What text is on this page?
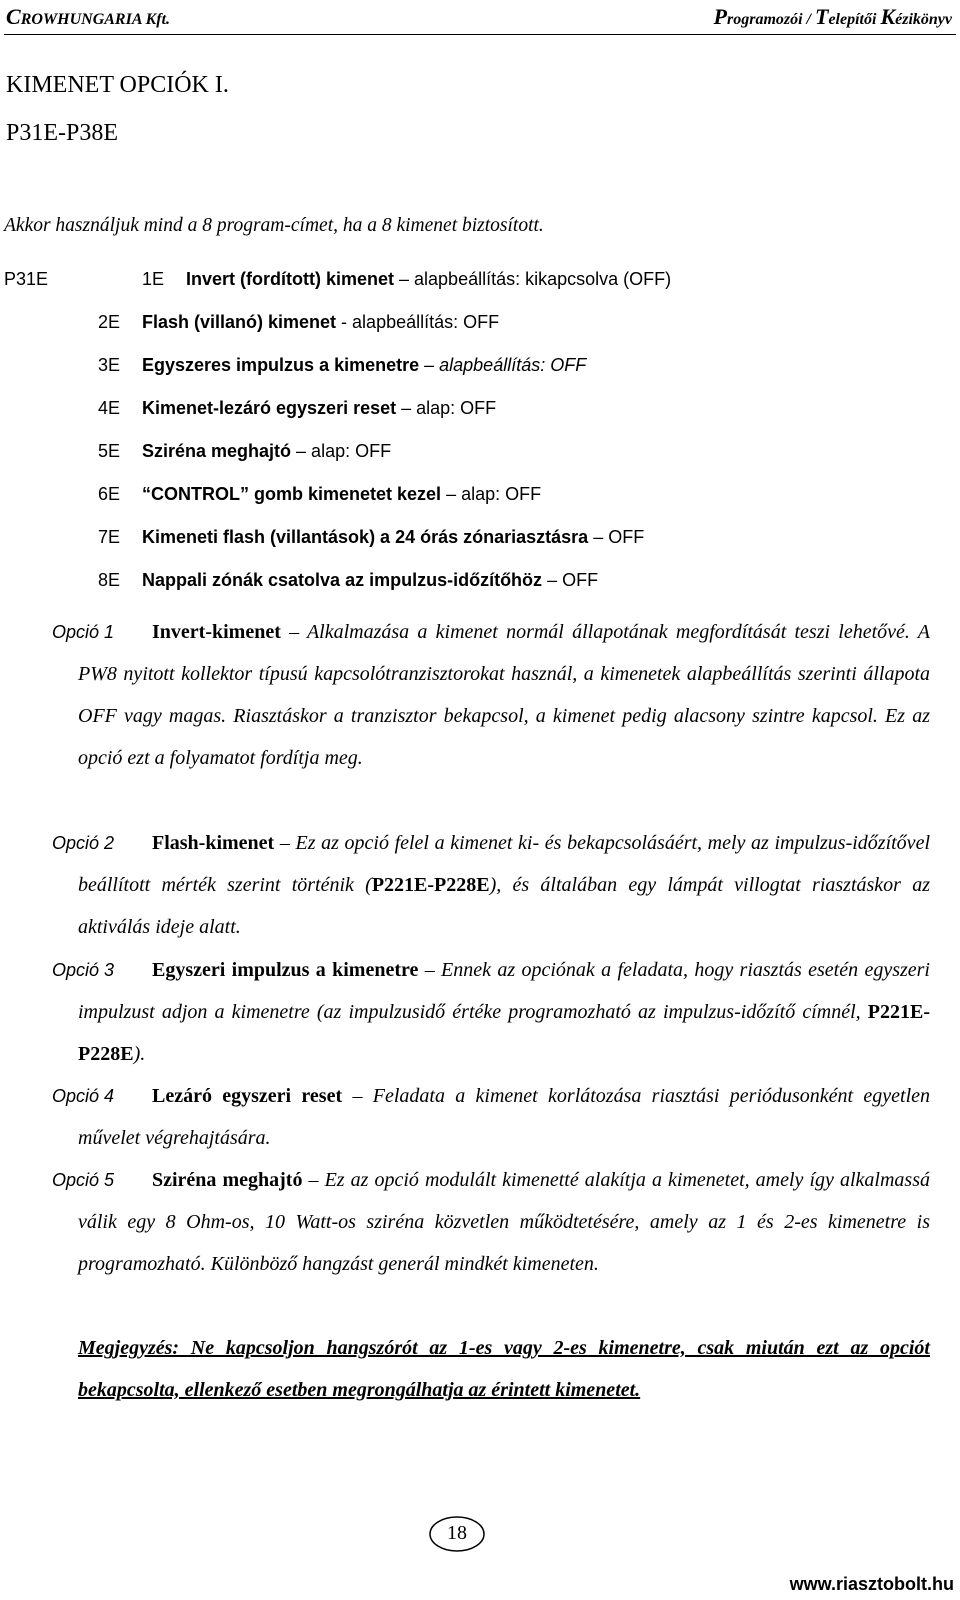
CROWHUNGARIA Kft.	Programozói / Telepítői Kézikönyv
KIMENET OPCIÓK I.
P31E-P38E
Akkor használjuk mind a 8 program-címet, ha a 8 kimenet biztosított.
P31E	1E Invert (fordított) kimenet – alapbeállítás: kikapcsolva (OFF)
2E Flash (villanó) kimenet - alapbeállítás: OFF
3E Egyszeres impulzus a kimenetre – alapbeállítás: OFF
4E Kimenet-lezáró egyszeri reset – alap: OFF
5E Sziréna meghajtó – alap: OFF
6E “CONTROL” gomb kimenetet kezel – alap: OFF
7E Kimeneti flash (villantások) a 24 órás zónariasztásra – OFF
8E Nappali zónák csatolva az impulzus-időzítőhöz – OFF
Opció 1	Invert-kimenet – Alkalmazása a kimenet normál állapotának megfordítását teszi lehetővé. A PW8 nyitott kollektor típusú kapcsolótranzisztorokat használ, a kimenetek alapbeállítás szerinti állapota OFF vagy magas. Riasztáskor a tranzisztor bekapcsol, a kimenet pedig alacsony szintre kapcsol. Ez az opció ezt a folyamatot fordítja meg.
Opció 2	Flash-kimenet – Ez az opció felel a kimenet ki- és bekapcsolásáért, mely az impulzus-időzítővel beállított mérték szerint történik (P221E-P228E), és általában egy lámpát villogtat riasztáskor az aktiválás ideje alatt.
Opció 3	Egyszeri impulzus a kimenetre – Ennek az opciónak a feladata, hogy riasztás esetén egyszeri impulzust adjon a kimenetre (az impulzusidő értéke programozható az impulzus-időzítő címnél, P221E-P228E).
Opció 4	Lezáró egyszeri reset – Feladata a kimenet korlátozása riasztási periódusonként egyetlen művelet végrehajtására.
Opció 5	Sziréna meghajtó – Ez az opció modulált kimenetté alakítja a kimenetet, amely így alkalmassá válik egy 8 Ohm-os, 10 Watt-os sziréna közvetlen működtetésére, amely az 1 és 2-es kimenetre is programozható. Különböző hangzást generál mindkét kimeneten.
Megjegyzés: Ne kapcsoljon hangszórót az 1-es vagy 2-es kimenetre, csak miután ezt az opciót bekapcsolta, ellenkező esetben megrongálhatja az érintett kimenetet.
18
www.riasztobolt.hu
